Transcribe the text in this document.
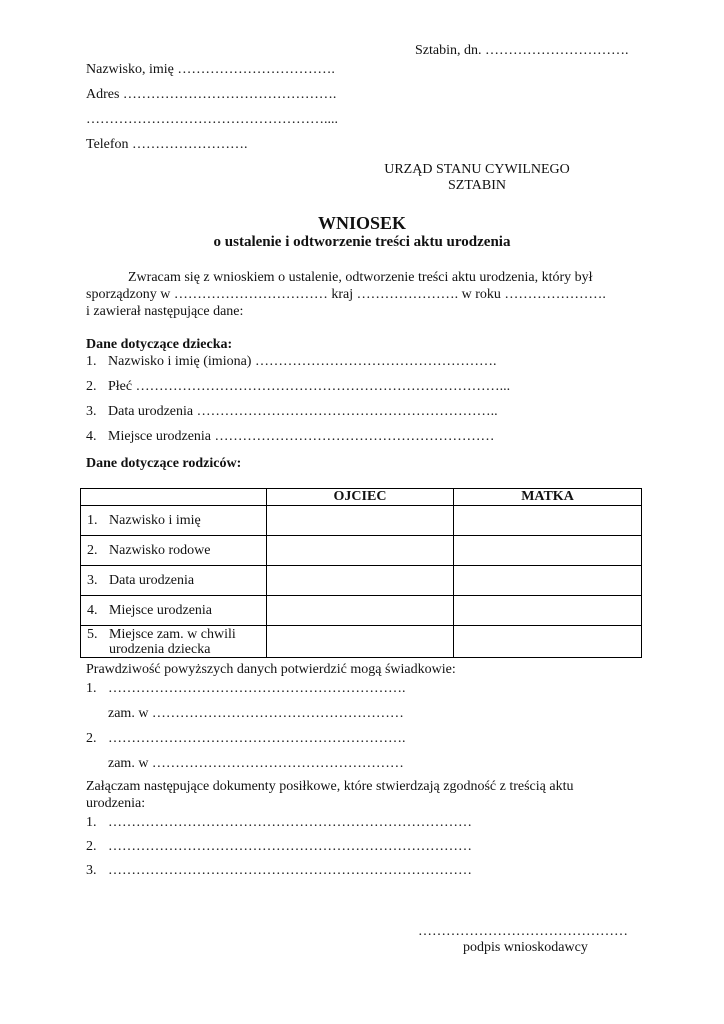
Sztabin, dn. ………………………….
Nazwisko, imię …………………………….
Adres ……………………………………….
……………………………………………....
Telefon …………………….
URZĄD STANU CYWILNEGO
SZTABIN
WNIOSEK
o ustalenie i odtworzenie treści aktu urodzenia
Zwracam się z wnioskiem o ustalenie, odtworzenie treści aktu urodzenia, który był
sporządzony w …………………………… kraj …………………. w roku ………………….
i zawierał następujące dane:
Dane dotyczące dziecka:
1. Nazwisko i imię (imiona) …………………………………………….
2. Płeć ……………………………………………………………………...
3. Data urodzenia ………………………………………………………..
4. Miejsce urodzenia ……………………………………………………
Dane dotyczące rodziców:
	OJCIEC	MATKA
1. Nazwisko i imię		
2. Nazwisko rodowe		
3. Data urodzenia		
4. Miejsce urodzenia		

5. Miejsce zam. w chwili
urodzenia dziecka		

Prawdziwość powyższych danych potwierdzić mogą świadkowie:
1. ……………………………………………………….
zam. w ………………………………………………
2. ……………………………………………………….
zam. w ………………………………………………
Załączam następujące dokumenty posiłkowe, które stwierdzają zgodność z treścią aktu
urodzenia:
1. ……………………………………………………………………
2. ……………………………………………………………………
3. ……………………………………………………………………
………………………………………
podpis wnioskodawcy
